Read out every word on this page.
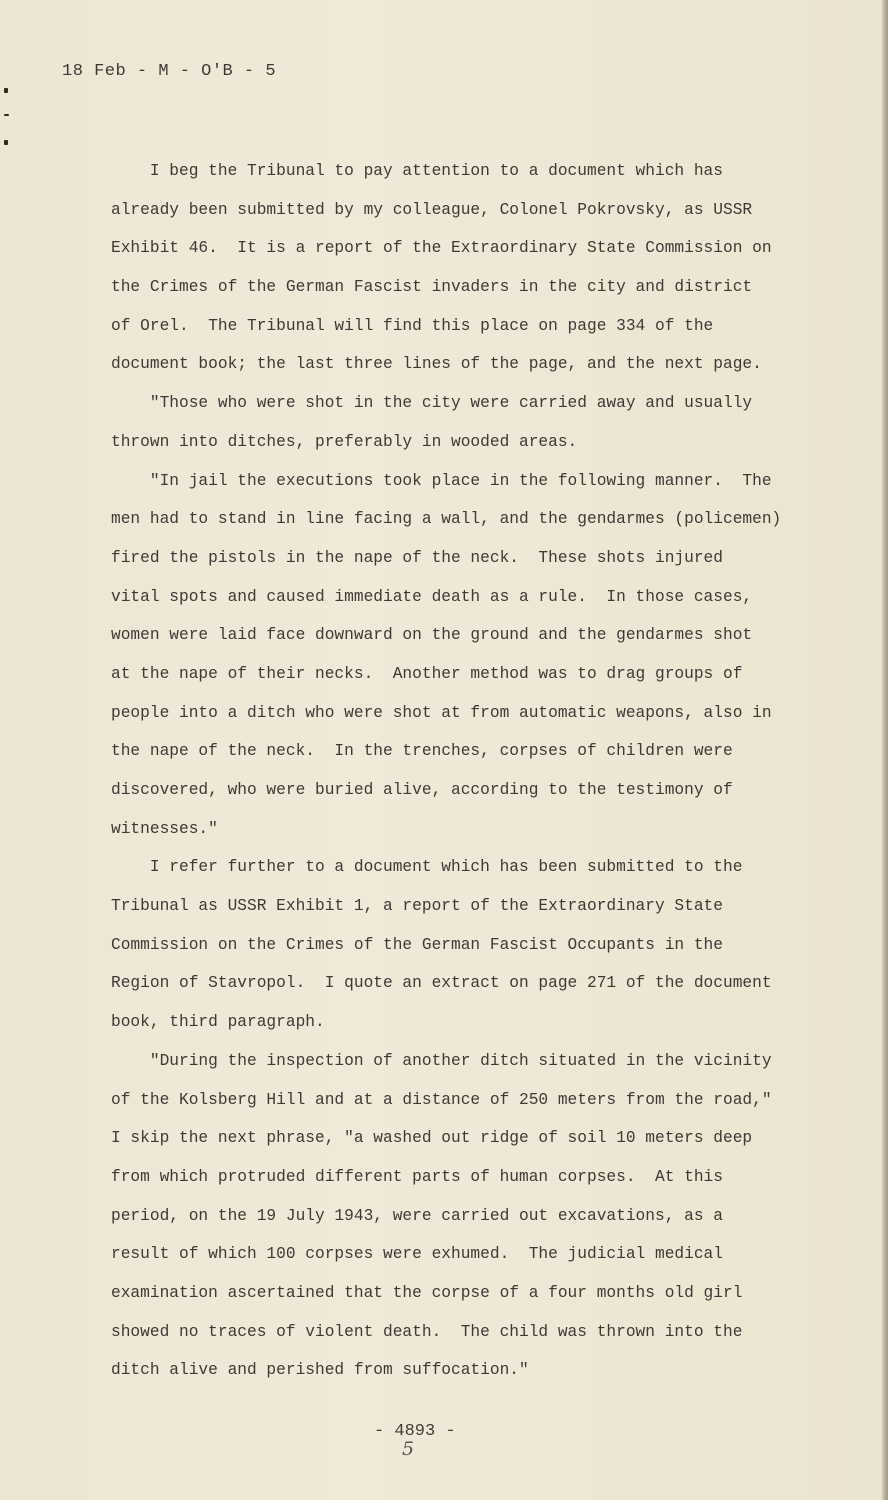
18 Feb - M - O'B - 5
I beg the Tribunal to pay attention to a document which has
already been submitted by my colleague, Colonel Pokrovsky, as USSR
Exhibit 46.  It is a report of the Extraordinary State Commission on
the Crimes of the German Fascist invaders in the city and district
of Orel.  The Tribunal will find this place on page 334 of the
document book; the last three lines of the page, and the next page.
"Those who were shot in the city were carried away and usually
thrown into ditches, preferably in wooded areas.
"In jail the executions took place in the following manner.  The
men had to stand in line facing a wall, and the gendarmes (policemen)
fired the pistols in the nape of the neck.  These shots injured
vital spots and caused immediate death as a rule.  In those cases,
women were laid face downward on the ground and the gendarmes shot
at the nape of their necks.  Another method was to drag groups of
people into a ditch who were shot at from automatic weapons, also in
the nape of the neck.  In the trenches, corpses of children were
discovered, who were buried alive, according to the testimony of
witnesses."
I refer further to a document which has been submitted to the
Tribunal as USSR Exhibit 1, a report of the Extraordinary State
Commission on the Crimes of the German Fascist Occupants in the
Region of Stavropol.  I quote an extract on page 271 of the document
book, third paragraph.
"During the inspection of another ditch situated in the vicinity
of the Kolsberg Hill and at a distance of 250 meters from the road,"
I skip the next phrase, "a washed out ridge of soil 10 meters deep
from which protruded different parts of human corpses.  At this
period, on the 19 July 1943, were carried out excavations, as a
result of which 100 corpses were exhumed.  The judicial medical
examination ascertained that the corpse of a four months old girl
showed no traces of violent death.  The child was thrown into the
ditch alive and perished from suffocation."
- 4893 -
5
